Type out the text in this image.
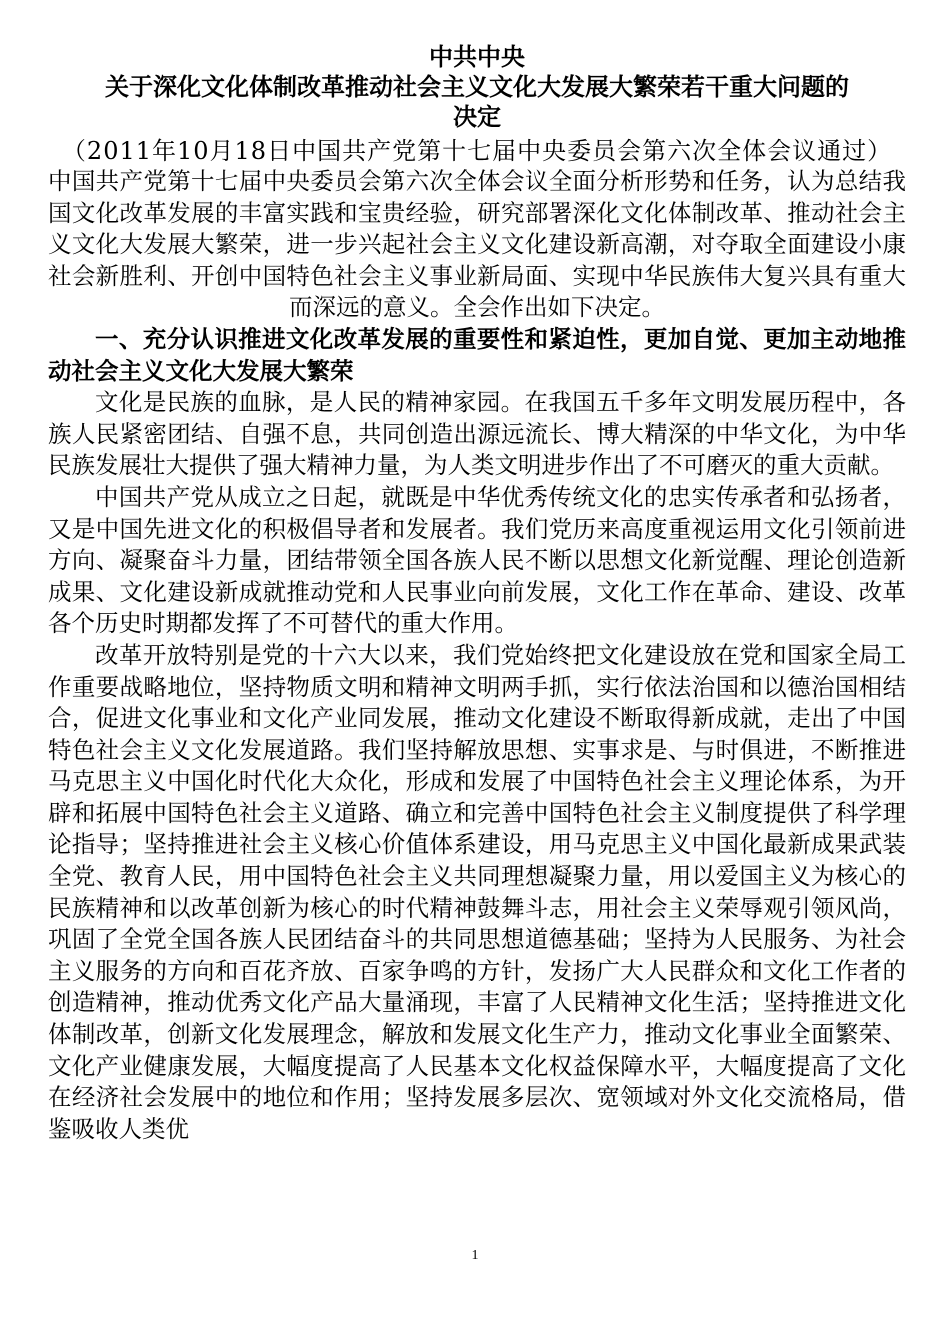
中共中央

关于深化文化体制改革推动社会主义文化大发展大繁荣若干重大问题的
决定

（2011年10月18日中国共产党第十七届中央委员会第六次全体会议通过）

中国共产党第十七届中央委员会第六次全体会议全面分析形势和任务，认为总结我国文化改革发展的丰富实践和宝贵经验，研究部署深化文化体制改革、推动社会主义文化大发展大繁荣，进一步兴起社会主义文化建设新高潮，对夺取全面建设小康社会新胜利、开创中国特色社会主义事业新局面、实现中华民族伟大复兴具有重大而深远的意义。全会作出如下决定。

一、充分认识推进文化改革发展的重要性和紧迫性，更加自觉、更加主动地推动社会主义文化大发展大繁荣

文化是民族的血脉，是人民的精神家园。在我国五千多年文明发展历程中，各族人民紧密团结、自强不息，共同创造出源远流长、博大精深的中华文化，为中华民族发展壮大提供了强大精神力量，为人类文明进步作出了不可磨灭的重大贡献。

中国共产党从成立之日起，就既是中华优秀传统文化的忠实传承者和弘扬者，又是中国先进文化的积极倡导者和发展者。我们党历来高度重视运用文化引领前进方向、凝聚奋斗力量，团结带领全国各族人民不断以思想文化新觉醒、理论创造新成果、文化建设新成就推动党和人民事业向前发展，文化工作在革命、建设、改革各个历史时期都发挥了不可替代的重大作用。

改革开放特别是党的十六大以来，我们党始终把文化建设放在党和国家全局工作重要战略地位，坚持物质文明和精神文明两手抓，实行依法治国和以德治国相结合，促进文化事业和文化产业同发展，推动文化建设不断取得新成就，走出了中国特色社会主义文化发展道路。我们坚持解放思想、实事求是、与时俱进，不断推进马克思主义中国化时代化大众化，形成和发展了中国特色社会主义理论体系，为开辟和拓展中国特色社会主义道路、确立和完善中国特色社会主义制度提供了科学理论指导；坚持推进社会主义核心价值体系建设，用马克思主义中国化最新成果武装全党、教育人民，用中国特色社会主义共同理想凝聚力量，用以爱国主义为核心的民族精神和以改革创新为核心的时代精神鼓舞斗志，用社会主义荣辱观引领风尚，巩固了全党全国各族人民团结奋斗的共同思想道德基础；坚持为人民服务、为社会主义服务的方向和百花齐放、百家争鸣的方针，发扬广大人民群众和文化工作者的创造精神，推动优秀文化产品大量涌现，丰富了人民精神文化生活；坚持推进文化体制改革，创新文化发展理念，解放和发展文化生产力，推动文化事业全面繁荣、文化产业健康发展，大幅度提高了人民基本文化权益保障水平，大幅度提高了文化在经济社会发展中的地位和作用；坚持发展多层次、宽领域对外文化交流格局，借鉴吸收人类优

1
